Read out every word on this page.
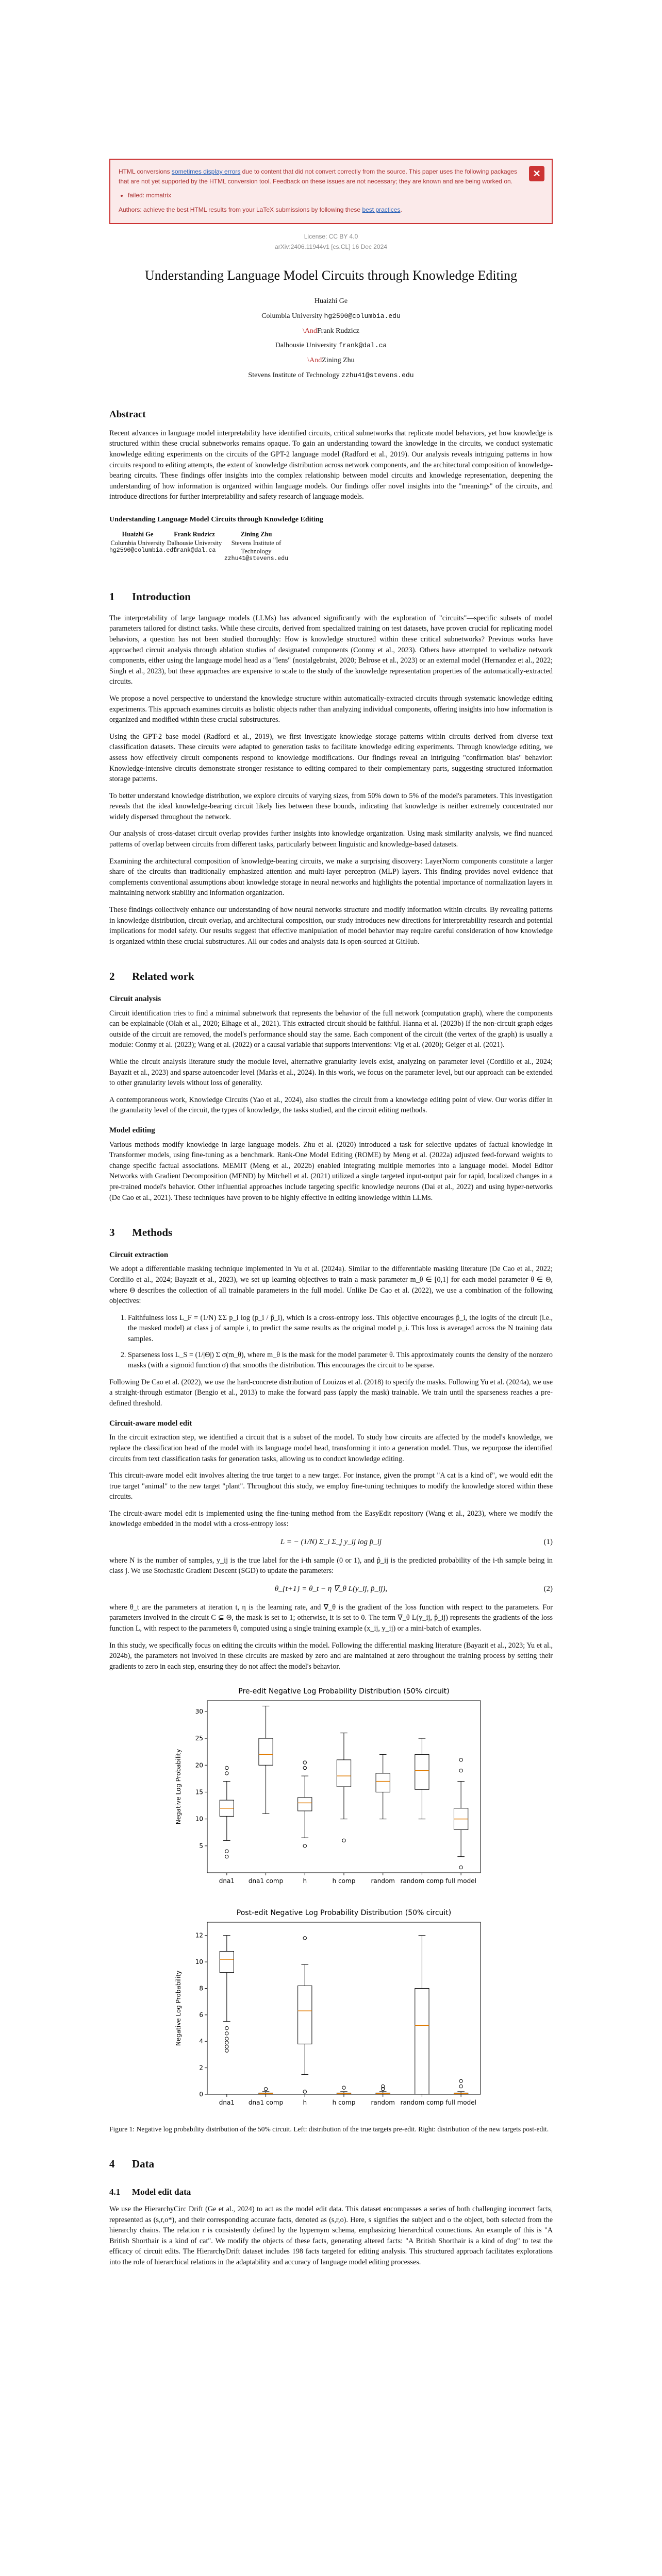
✕
HTML conversions sometimes display errors due to content that did not convert correctly from the source. This paper uses the following packages that are not yet supported by the HTML conversion tool. Feedback on these issues are not necessary; they are known and are being worked on.
• failed: mcmatrix
Authors: achieve the best HTML results from your LaTeX submissions by following these best practices.
License: CC BY 4.0
arXiv:2406.11944v1 [cs.CL] 16 Dec 2024
Understanding Language Model Circuits through Knowledge Editing
Huaizhi Ge
Columbia University hg2590@columbia.edu
\AndFrank Rudzicz
Dalhousie University frank@dal.ca
\AndZining Zhu
Stevens Institute of Technology zzhu41@stevens.edu
Abstract

Recent advances in language model interpretability have identified circuits, critical subnetworks that replicate model behaviors, yet how knowledge is structured within these crucial subnetworks remains opaque. To gain an understanding toward the knowledge in the circuits, we conduct systematic knowledge editing experiments on the circuits of the GPT-2 language model (Radford et al., 2019). Our analysis reveals intriguing patterns in how circuits respond to editing attempts, the extent of knowledge distribution across network components, and the architectural composition of knowledge-bearing circuits. These findings offer insights into the complex relationship between model circuits and knowledge representation, deepening the understanding of how information is organized within language models. Our findings offer novel insights into the "meanings" of the circuits, and introduce directions for further interpretability and safety research of language models.

Understanding Language Model Circuits through Knowledge Editing
Huaizhi Ge
Columbia University
hg2590@columbia.edu
Frank Rudzicz
Dalhousie University
frank@dal.ca
Zining Zhu
Stevens Institute of Technology
zzhu41@stevens.edu
1 Introduction

The interpretability of large language models (LLMs) has advanced significantly with the exploration of "circuits"—specific subsets of model parameters tailored for distinct tasks. While these circuits, derived from specialized training on test datasets, have proven crucial for replicating model behaviors, a question has not been studied thoroughly: How is knowledge structured within these critical subnetworks? Previous works have approached circuit analysis through ablation studies of designated components (Conmy et al., 2023). Others have attempted to verbalize network components, either using the language model head as a "lens" (nostalgebraist, 2020; Belrose et al., 2023) or an external model (Hernandez et al., 2022; Singh et al., 2023), but these approaches are expensive to scale to the study of the knowledge representation properties of the automatically-extracted circuits.

We propose a novel perspective to understand the knowledge structure within automatically-extracted circuits through systematic knowledge editing experiments. This approach examines circuits as holistic objects rather than analyzing individual components, offering insights into how information is organized and modified within these crucial substructures.

Using the GPT-2 base model (Radford et al., 2019), we first investigate knowledge storage patterns within circuits derived from diverse text classification datasets. These circuits were adapted to generation tasks to facilitate knowledge editing experiments. Through knowledge editing, we assess how effectively circuit components respond to knowledge modifications. Our findings reveal an intriguing "confirmation bias" behavior: Knowledge-intensive circuits demonstrate stronger resistance to editing compared to their complementary parts, suggesting structured information storage patterns.

To better understand knowledge distribution, we explore circuits of varying sizes, from 50% down to 5% of the model's parameters. This investigation reveals that the ideal knowledge-bearing circuit likely lies between these bounds, indicating that knowledge is neither extremely concentrated nor widely dispersed throughout the network.

Our analysis of cross-dataset circuit overlap provides further insights into knowledge organization. Using mask similarity analysis, we find nuanced patterns of overlap between circuits from different tasks, particularly between linguistic and knowledge-based datasets.

Examining the architectural composition of knowledge-bearing circuits, we make a surprising discovery: LayerNorm components constitute a larger share of the circuits than traditionally emphasized attention and multi-layer perceptron (MLP) layers. This finding provides novel evidence that complements conventional assumptions about knowledge storage in neural networks and highlights the potential importance of normalization layers in maintaining network stability and information organization.

These findings collectively enhance our understanding of how neural networks structure and modify information within circuits. By revealing patterns in knowledge distribution, circuit overlap, and architectural composition, our study introduces new directions for interpretability research and potential implications for model safety. Our results suggest that effective manipulation of model behavior may require careful consideration of how knowledge is organized within these crucial substructures. All our codes and analysis data is open-sourced at GitHub.

2 Related work
Circuit analysis

Circuit identification tries to find a minimal subnetwork that represents the behavior of the full network (computation graph), where the components can be explainable (Olah et al., 2020; Elhage et al., 2021). This extracted circuit should be faithful. Hanna et al. (2023b) If the non-circuit graph edges outside of the circuit are removed, the model's performance should stay the same. Each component of the circuit (the vertex of the graph) is usually a module: Conmy et al. (2023); Wang et al. (2022) or a causal variable that supports interventions: Vig et al. (2020); Geiger et al. (2021).

While the circuit analysis literature study the module level, alternative granularity levels exist, analyzing on parameter level (Cordilio et al., 2024; Bayazit et al., 2023) and sparse autoencoder level (Marks et al., 2024). In this work, we focus on the parameter level, but our approach can be extended to other granularity levels without loss of generality.

A contemporaneous work, Knowledge Circuits (Yao et al., 2024), also studies the circuit from a knowledge editing point of view. Our works differ in the granularity level of the circuit, the types of knowledge, the tasks studied, and the circuit editing methods.

Model editing

Various methods modify knowledge in large language models. Zhu et al. (2020) introduced a task for selective updates of factual knowledge in Transformer models, using fine-tuning as a benchmark. Rank-One Model Editing (ROME) by Meng et al. (2022a) adjusted feed-forward weights to change specific factual associations. MEMIT (Meng et al., 2022b) enabled integrating multiple memories into a language model. Model Editor Networks with Gradient Decomposition (MEND) by Mitchell et al. (2021) utilized a single targeted input-output pair for rapid, localized changes in a pre-trained model's behavior. Other influential approaches include targeting specific knowledge neurons (Dai et al., 2022) and using hyper-networks (De Cao et al., 2021). These techniques have proven to be highly effective in editing knowledge within LLMs.

3 Methods
Circuit extraction

We adopt a differentiable masking technique implemented in Yu et al. (2024a). Similar to the differentiable masking literature (De Cao et al., 2022; Cordilio et al., 2024; Bayazit et al., 2023), we set up learning objectives to train a mask parameter m_θ ∈ [0,1] for each model parameter θ ∈ Θ, where Θ describes the collection of all trainable parameters in the full model. Unlike De Cao et al. (2022), we use a combination of the following objectives:

1. Faithfulness loss L_F = (1/N) ΣΣ p_i log (p_i / p̂_i), which is a cross-entropy loss. This objective encourages p̂_i, the logits of the circuit (i.e., the masked model) at class j of sample i, to predict the same results as the original model p_i. This loss is averaged across the N training data samples.
2. Sparseness loss L_S = (1/|Θ|) Σ σ(m_θ), where m_θ is the mask for the model parameter θ. This approximately counts the density of the nonzero masks (with a sigmoid function σ) that smooths the distribution. This encourages the circuit to be sparse.

Following De Cao et al. (2022), we use the hard-concrete distribution of Louizos et al. (2018) to specify the masks. Following Yu et al. (2024a), we use a straight-through estimator (Bengio et al., 2013) to make the forward pass (apply the mask) trainable. We train until the sparseness reaches a pre-defined threshold.

Circuit-aware model edit

In the circuit extraction step, we identified a circuit that is a subset of the model. To study how circuits are affected by the model's knowledge, we replace the classification head of the model with its language model head, transforming it into a generation model. Thus, we repurpose the identified circuits from text classification tasks for generation tasks, allowing us to conduct knowledge editing.

This circuit-aware model edit involves altering the true target to a new target. For instance, given the prompt "A cat is a kind of", we would edit the true target "animal" to the new target "plant". Throughout this study, we employ fine-tuning techniques to modify the knowledge stored within these circuits.

The circuit-aware model edit is implemented using the fine-tuning method from the EasyEdit repository (Wang et al., 2023), where we modify the knowledge embedded in the model with a cross-entropy loss:

L = − (1/N) Σ_i Σ_j y_ij log p̂_ij	(1)

where N is the number of samples, y_ij is the true label for the i-th sample (0 or 1), and p̂_ij is the predicted probability of the i-th sample being in class j. We use Stochastic Gradient Descent (SGD) to update the parameters:

θ_{t+1} = θ_t − η ∇_θ L(y_ij, p̂_ij),	(2)

where θ_t are the parameters at iteration t, η is the learning rate, and ∇_θ is the gradient of the loss function with respect to the parameters. For parameters involved in the circuit C ⊆ Θ, the mask is set to 1; otherwise, it is set to 0. The term ∇_θ L(y_ij, p̂_ij) represents the gradients of the loss function L, with respect to the parameters θ, computed using a single training example (x_ij, y_ij) or a mini-batch of examples.

In this study, we specifically focus on editing the circuits within the model. Following the differential masking literature (Bayazit et al., 2023; Yu et al., 2024b), the parameters not involved in these circuits are masked by zero and are maintained at zero throughout the training process by setting their gradients to zero in each step, ensuring they do not affect the model's behavior.

Pre-edit Negative Log Probability Distribution (50% circuit)
5
10
15
20
25
30
Negative Log Probability
dna1 dna1 comp	h	h comp	random random comp full model
Post-edit Negative Log Probability Distribution (50% circuit)
0
2
4
6
8
10
12
Negative Log Probability
dna1 dna1 comp	h	h comp	random random comp full model
Figure 1: Negative log probability distribution of the 50% circuit. Left: distribution of the true targets pre-edit. Right: distribution of the new targets post-edit.
4 Data
4.1 Model edit data

We use the HierarchyCirc Drift (Ge et al., 2024) to act as the model edit data. This dataset encompasses a series of both challenging incorrect facts, represented as (s,r,o*), and their corresponding accurate facts, denoted as (s,r,o). Here, s signifies the subject and o the object, both selected from the hierarchy chains. The relation r is consistently defined by the hypernym schema, emphasizing hierarchical connections. An example of this is "A British Shorthair is a kind of cat". We modify the objects of these facts, generating altered facts: "A British Shorthair is a kind of dog" to test the efficacy of circuit edits. The HierarchyDrift dataset includes 198 facts targeted for editing analysis. This structured approach facilitates explorations into the role of hierarchical relations in the adaptability and accuracy of language model editing processes.
